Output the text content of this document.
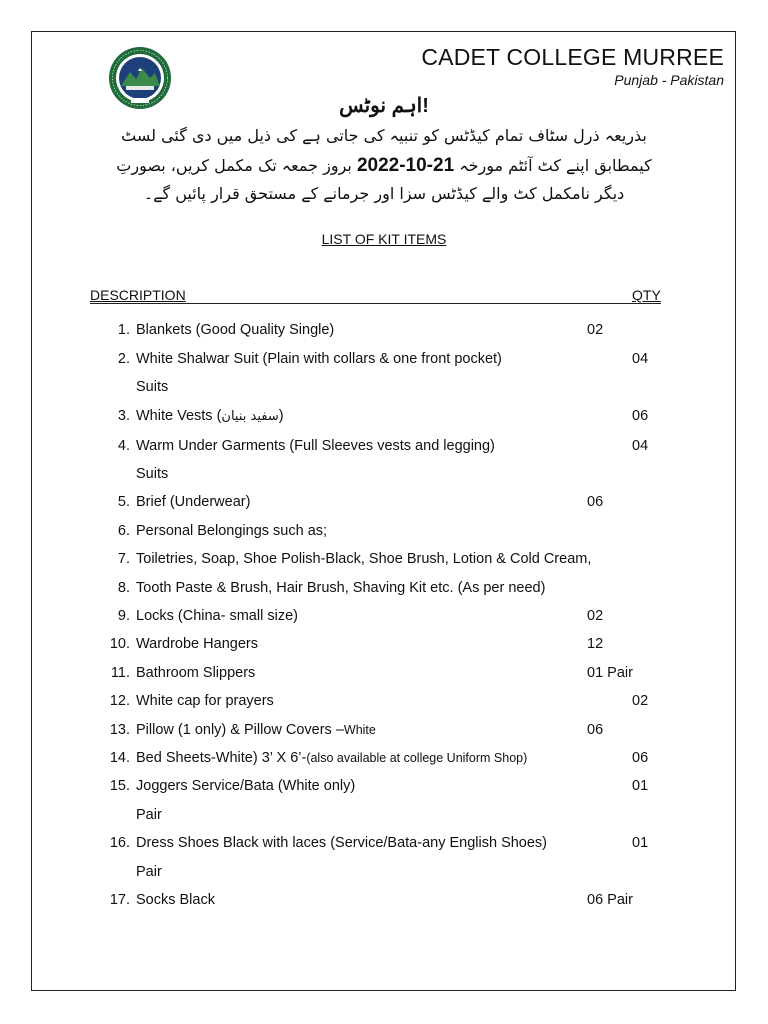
CADET COLLEGE MURREE
Punjab - Pakistan
!اہم نوٹس
بذریعہ ذرل سٹاف تمام کیڈٹس کو تنبیہ کی جاتی ہے کی ذیل میں دی گئی لسٹ
کیمطابق اپنے کٹ آئٹم مورخہ 2022-10-21 بروز جمعہ تک مکمل کریں، بصورتِ
دیگر نامکمل کٹ والے کیڈٹس سزا اور جرمانے کے مستحق قرار پائیں گے۔
LIST OF KIT ITEMS
DESCRIPTION	QTY
1. Blankets (Good Quality Single)	02
2. White Shalwar Suit (Plain with collars & one front pocket)	04
Suits
3. White Vests (سفید بنیان)	06
4. Warm Under Garments (Full Sleeves vests and legging)	04
Suits
5. Brief (Underwear)	06
6. Personal Belongings such as;
7. Toiletries, Soap, Shoe Polish-Black, Shoe Brush, Lotion & Cold Cream,
8. Tooth Paste & Brush, Hair Brush, Shaving Kit etc. (As per need)
9. Locks (China- small size)	02
10. Wardrobe Hangers	12
11. Bathroom Slippers	01 Pair
12. White cap for prayers	02
13. Pillow (1 only) & Pillow Covers –White	06
14. Bed Sheets-White) 3’ X 6’-(also available at college Uniform Shop)	06
15. Joggers Service/Bata (White only)	01
Pair
16. Dress Shoes Black with laces (Service/Bata-any English Shoes)	01
Pair
17. Socks Black	06 Pair
